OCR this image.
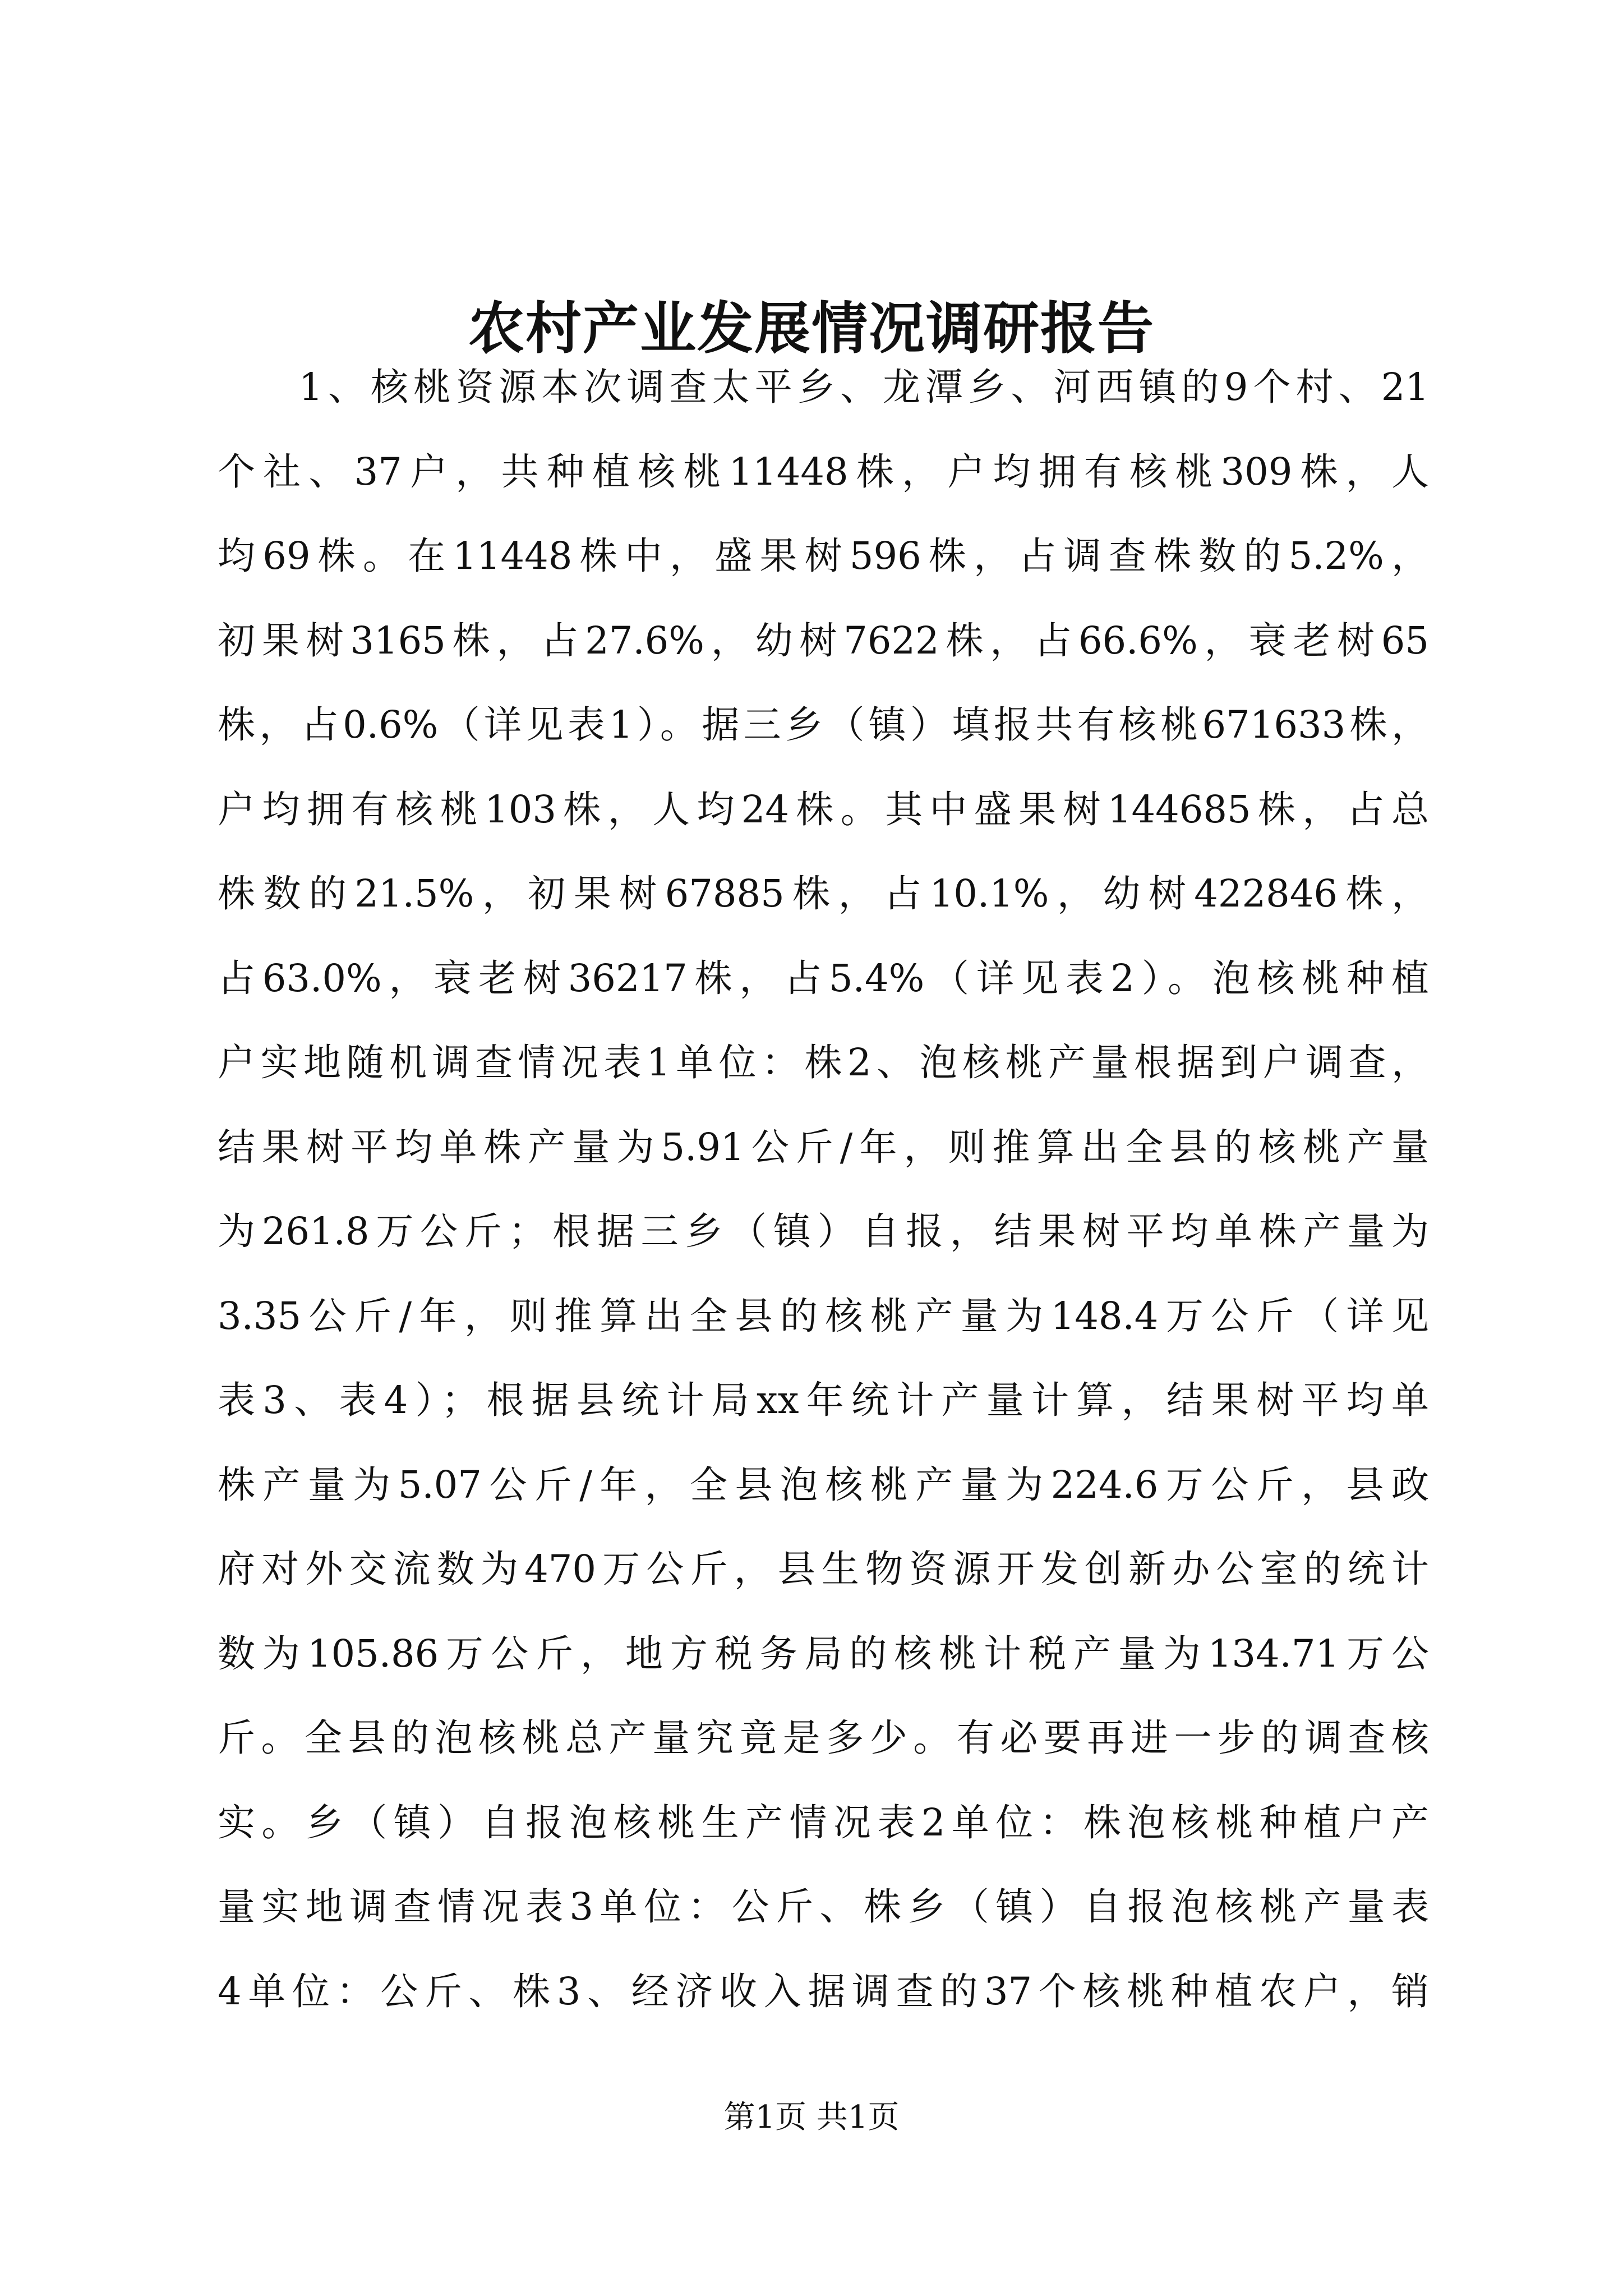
农村产业发展情况调研报告
1、核桃资源本次调查太平乡、龙潭乡、河西镇的9个村、21
个社、37户，共种植核桃11448株，户均拥有核桃309株，人
均69株。在11448株中，盛果树596株，占调查株数的5.2%，
初果树3165株，占27.6%，幼树7622株，占66.6%，衰老树65
株，占0.6%（详见表1）。据三乡（镇）填报共有核桃671633株，
户均拥有核桃103株，人均24株。其中盛果树144685株，占总
株数的21.5%，初果树67885株，占10.1%，幼树422846株，
占63.0%，衰老树36217株，占5.4%（详见表2）。泡核桃种植
户实地随机调查情况表1单位：株2、泡核桃产量根据到户调查，
结果树平均单株产量为5.91公斤/年，则推算出全县的核桃产量
为261.8万公斤；根据三乡（镇）自报，结果树平均单株产量为
3.35公斤/年，则推算出全县的核桃产量为148.4万公斤（详见
表3、表4）；根据县统计局xx年统计产量计算，结果树平均单
株产量为5.07公斤/年，全县泡核桃产量为224.6万公斤，县政
府对外交流数为470万公斤，县生物资源开发创新办公室的统计
数为105.86万公斤，地方税务局的核桃计税产量为134.71万公
斤。全县的泡核桃总产量究竟是多少。有必要再进一步的调查核
实。乡（镇）自报泡核桃生产情况表2单位：株泡核桃种植户产
量实地调查情况表3单位：公斤、株乡（镇）自报泡核桃产量表
4单位：公斤、株3、经济收入据调查的37个核桃种植农户，销
第1页 共1页
